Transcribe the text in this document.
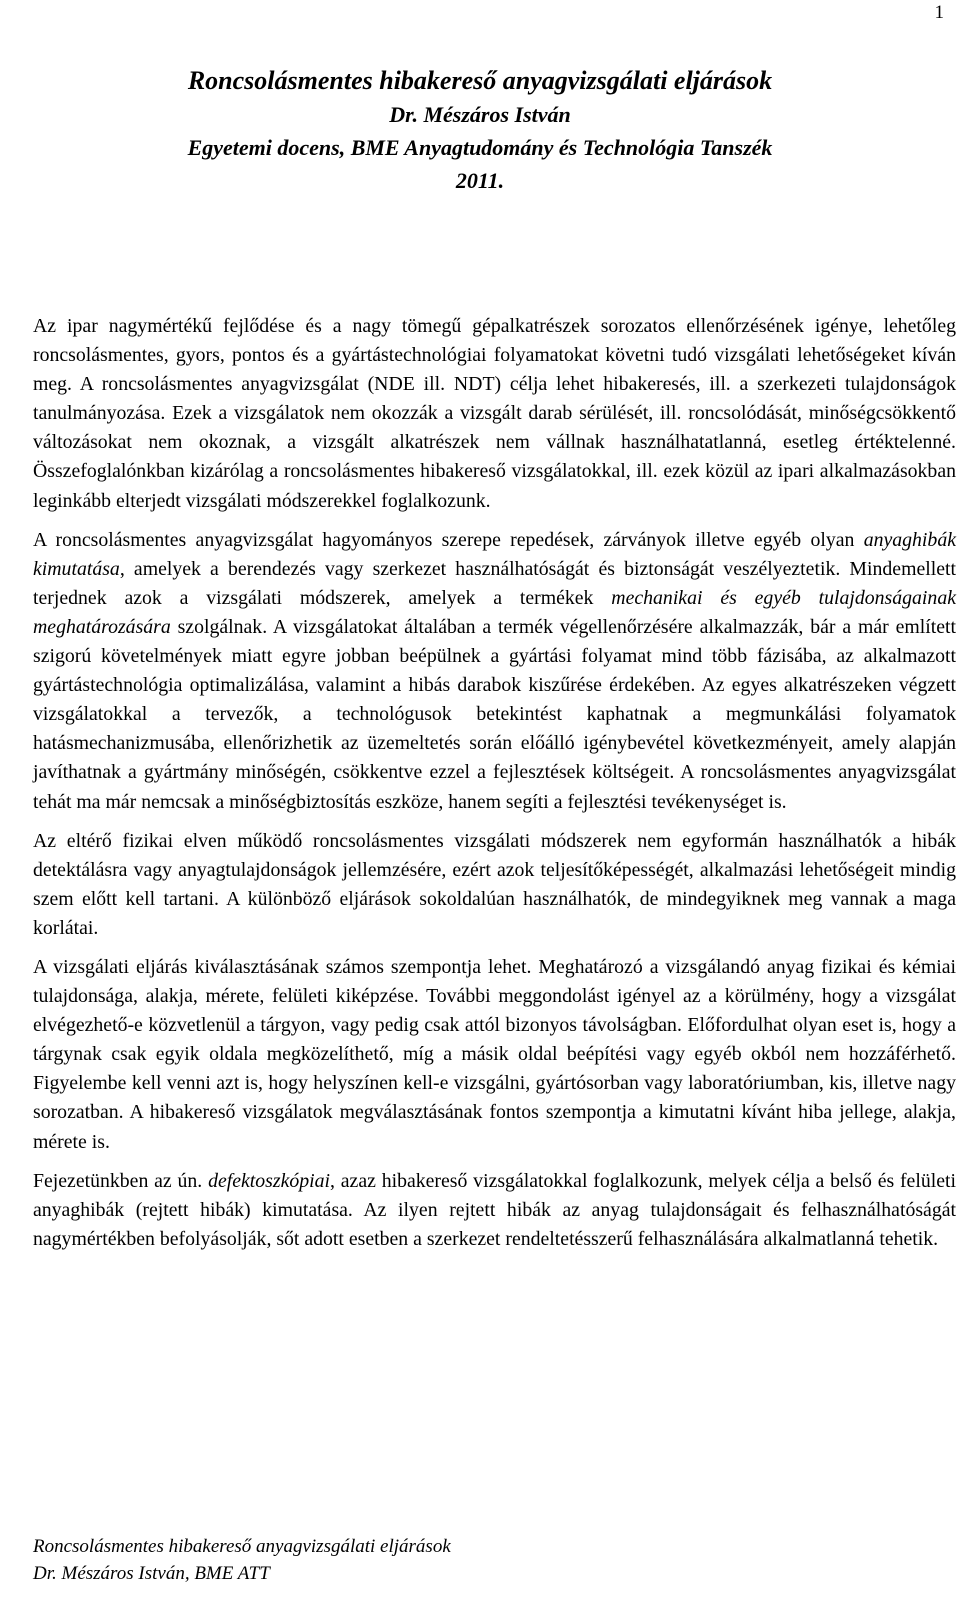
1
Roncsolásmentes hibakereső anyagvizsgálati eljárások
Dr. Mészáros István
Egyetemi docens, BME Anyagtudomány és Technológia Tanszék
2011.

Az ipar nagymértékű fejlődése és a nagy tömegű gépalkatrészek sorozatos ellenőrzésének igénye, lehetőleg roncsolásmentes, gyors, pontos és a gyártástechnológiai folyamatokat követni tudó vizsgálati lehetőségeket kíván meg. A roncsolásmentes anyagvizsgálat (NDE ill. NDT) célja lehet hibakeresés, ill. a szerkezeti tulajdonságok tanulmányozása. Ezek a vizsgálatok nem okozzák a vizsgált darab sérülését, ill. roncsolódását, minőségcsökkentő változásokat nem okoznak, a vizsgált alkatrészek nem vállnak használhatatlanná, esetleg értéktelenné. Összefoglalónkban kizárólag a roncsolásmentes hibakereső vizsgálatokkal, ill. ezek közül az ipari alkalmazásokban leginkább elterjedt vizsgálati módszerekkel foglalkozunk.

A roncsolásmentes anyagvizsgálat hagyományos szerepe repedések, zárványok illetve egyéb olyan anyaghibák kimutatása, amelyek a berendezés vagy szerkezet használhatóságát és biztonságát veszélyeztetik. Mindemellett terjednek azok a vizsgálati módszerek, amelyek a termékek mechanikai és egyéb tulajdonságainak meghatározására szolgálnak. A vizsgálatokat általában a termék végellenőrzésére alkalmazzák, bár a már említett szigorú követelmények miatt egyre jobban beépülnek a gyártási folyamat mind több fázisába, az alkalmazott gyártástechnológia optimalizálása, valamint a hibás darabok kiszűrése érdekében. Az egyes alkatrészeken végzett vizsgálatokkal a tervezők, a technológusok betekintést kaphatnak a megmunkálási folyamatok hatásmechanizmusába, ellenőrizhetik az üzemeltetés során előálló igénybevétel következményeit, amely alapján javíthatnak a gyártmány minőségén, csökkentve ezzel a fejlesztések költségeit. A roncsolásmentes anyagvizsgálat tehát ma már nemcsak a minőségbiztosítás eszköze, hanem segíti a fejlesztési tevékenységet is.

Az eltérő fizikai elven működő roncsolásmentes vizsgálati módszerek nem egyformán használhatók a hibák detektálásra vagy anyagtulajdonságok jellemzésére, ezért azok teljesítőképességét, alkalmazási lehetőségeit mindig szem előtt kell tartani. A különböző eljárások sokoldalúan használhatók, de mindegyiknek meg vannak a maga korlátai.

A vizsgálati eljárás kiválasztásának számos szempontja lehet. Meghatározó a vizsgálandó anyag fizikai és kémiai tulajdonsága, alakja, mérete, felületi kiképzése. További meggondolást igényel az a körülmény, hogy a vizsgálat elvégezhető-e közvetlenül a tárgyon, vagy pedig csak attól bizonyos távolságban. Előfordulhat olyan eset is, hogy a tárgynak csak egyik oldala megközelíthető, míg a másik oldal beépítési vagy egyéb okból nem hozzáférhető. Figyelembe kell venni azt is, hogy helyszínen kell-e vizsgálni, gyártósorban vagy laboratóriumban, kis, illetve nagy sorozatban. A hibakereső vizsgálatok megválasztásának fontos szempontja a kimutatni kívánt hiba jellege, alakja, mérete is.

Fejezetünkben az ún. defektoszkópiai, azaz hibakereső vizsgálatokkal foglalkozunk, melyek célja a belső és felületi anyaghibák (rejtett hibák) kimutatása. Az ilyen rejtett hibák az anyag tulajdonságait és felhasználhatóságát nagymértékben befolyásolják, sőt adott esetben a szerkezet rendeltetésszerű felhasználására alkalmatlanná tehetik.

Roncsolásmentes hibakereső anyagvizsgálati eljárások
Dr. Mészáros István, BME ATT
